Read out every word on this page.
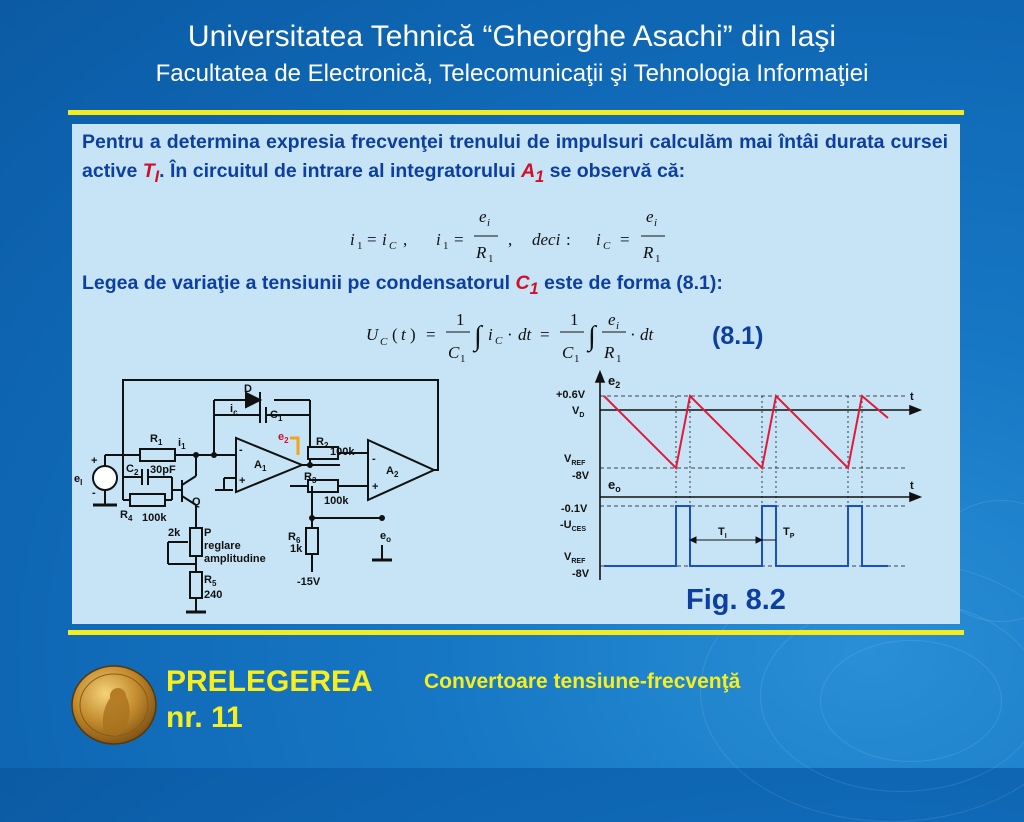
Universitatea Tehnică “Gheorghe Asachi” din Iaşi
Facultatea de Electronică, Telecomunicaţii şi Tehnologia Informaţiei
Pentru a determina expresia frecvenţei trenului de impulsuri calculăm mai întâi durata cursei active $T_I$. În circuitul de intrare al integratorului $A_1$ se observă că:
Legea de variaţie a tensiunii pe condensatorul $C_1$ este de forma (8.1):
i 1 = i C , i 1 =
e i
R 1
, deci : i C =
e i
R 1
U C ( t ) =
1
C 1
∫ i C · dt =
1
C 1
∫
e i
R 1
· dt (8.1)
D
$i_c$	$C_1$
$e_2$
$R_1$ $i_1$	-
+
$A_1$
$R_2$
100k
$R_3$
100k
-
+
$A_2$
$C_2$ 30pF
$e_I$
+
-
$R_4$ 100k
Q
2k P
reglare
amplitudine
$R_5$
240
$R_6$
1k
-15V
$e_o$
$e_2$
t
+0.6V
$V_D$
$V_{REF}$
-8V
$e_o$	t
-0.1V
$-U_{CES}$
$V_{REF}$
-8V
$T_I$	$T_P$
Fig. 8.2
PRELEGEREA
nr. 11
Convertoare tensiune-frecvenţă
